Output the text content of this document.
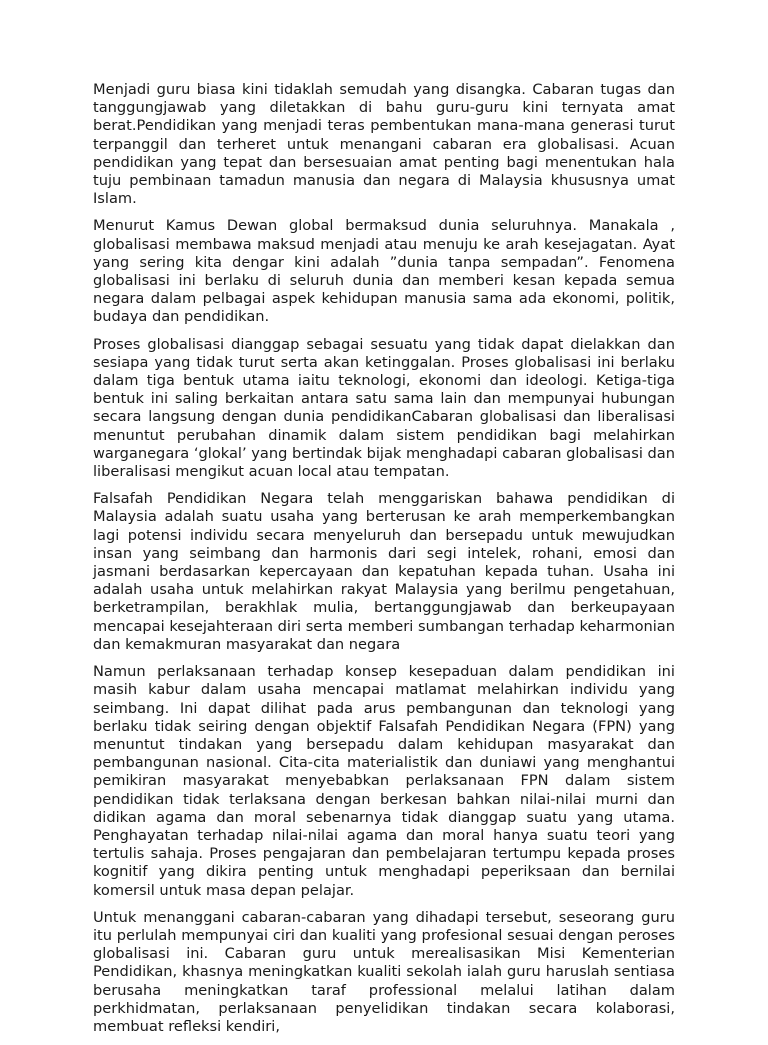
Menjadi guru biasa kini tidaklah semudah yang disangka. Cabaran tugas dan tanggungjawab yang diletakkan di bahu guru-guru kini ternyata amat berat.Pendidikan yang menjadi teras pembentukan mana-mana generasi turut terpanggil dan terheret untuk menangani cabaran era globalisasi. Acuan pendidikan yang tepat dan bersesuaian amat penting bagi menentukan hala tuju pembinaan tamadun manusia dan negara di Malaysia khususnya umat Islam.

Menurut Kamus Dewan global bermaksud dunia seluruhnya. Manakala , globalisasi membawa maksud menjadi atau menuju ke arah kesejagatan. Ayat yang sering kita dengar kini adalah ”dunia tanpa sempadan”. Fenomena globalisasi ini berlaku di seluruh dunia dan memberi kesan kepada semua negara dalam pelbagai aspek kehidupan manusia sama ada ekonomi, politik, budaya dan pendidikan.

Proses globalisasi dianggap sebagai sesuatu yang tidak dapat dielakkan dan sesiapa yang tidak turut serta akan ketinggalan. Proses globalisasi ini berlaku dalam tiga bentuk utama iaitu teknologi, ekonomi dan ideologi. Ketiga-tiga bentuk ini saling berkaitan antara satu sama lain dan mempunyai hubungan secara langsung dengan dunia pendidikanCabaran globalisasi dan liberalisasi menuntut perubahan dinamik dalam sistem pendidikan bagi melahirkan warganegara ‘glokal’ yang bertindak bijak menghadapi cabaran globalisasi dan liberalisasi mengikut acuan local atau tempatan.

Falsafah Pendidikan Negara telah menggariskan bahawa pendidikan di Malaysia adalah suatu usaha yang berterusan ke arah memperkembangkan lagi potensi individu secara menyeluruh dan bersepadu untuk mewujudkan insan yang seimbang dan harmonis dari segi intelek, rohani, emosi dan jasmani berdasarkan kepercayaan dan kepatuhan kepada tuhan. Usaha ini adalah usaha untuk melahirkan rakyat Malaysia yang berilmu pengetahuan, berketrampilan, berakhlak mulia, bertanggungjawab dan berkeupayaan mencapai kesejahteraan diri serta memberi sumbangan terhadap keharmonian dan kemakmuran masyarakat dan negara

Namun perlaksanaan terhadap konsep kesepaduan dalam pendidikan ini masih kabur dalam usaha mencapai matlamat melahirkan individu yang seimbang. Ini dapat dilihat pada arus pembangunan dan teknologi yang berlaku tidak seiring dengan objektif Falsafah Pendidikan Negara (FPN) yang menuntut tindakan yang bersepadu dalam kehidupan masyarakat dan pembangunan nasional. Cita-cita materialistik dan duniawi yang menghantui pemikiran masyarakat menyebabkan perlaksanaan FPN dalam sistem pendidikan tidak terlaksana dengan berkesan bahkan nilai-nilai murni dan didikan agama dan moral sebenarnya tidak dianggap suatu yang utama. Penghayatan terhadap nilai-nilai agama dan moral hanya suatu teori yang tertulis sahaja. Proses pengajaran dan pembelajaran tertumpu kepada proses kognitif yang dikira penting untuk menghadapi peperiksaan dan bernilai komersil untuk masa depan pelajar.

Untuk menanggani cabaran-cabaran yang dihadapi tersebut, seseorang guru itu perlulah mempunyai ciri dan kualiti yang profesional sesuai dengan peroses globalisasi ini. Cabaran guru untuk merealisasikan Misi Kementerian Pendidikan, khasnya meningkatkan kualiti sekolah ialah guru haruslah sentiasa berusaha meningkatkan taraf professional melalui latihan dalam perkhidmatan, perlaksanaan penyelidikan tindakan secara kolaborasi, membuat refleksi kendiri,
